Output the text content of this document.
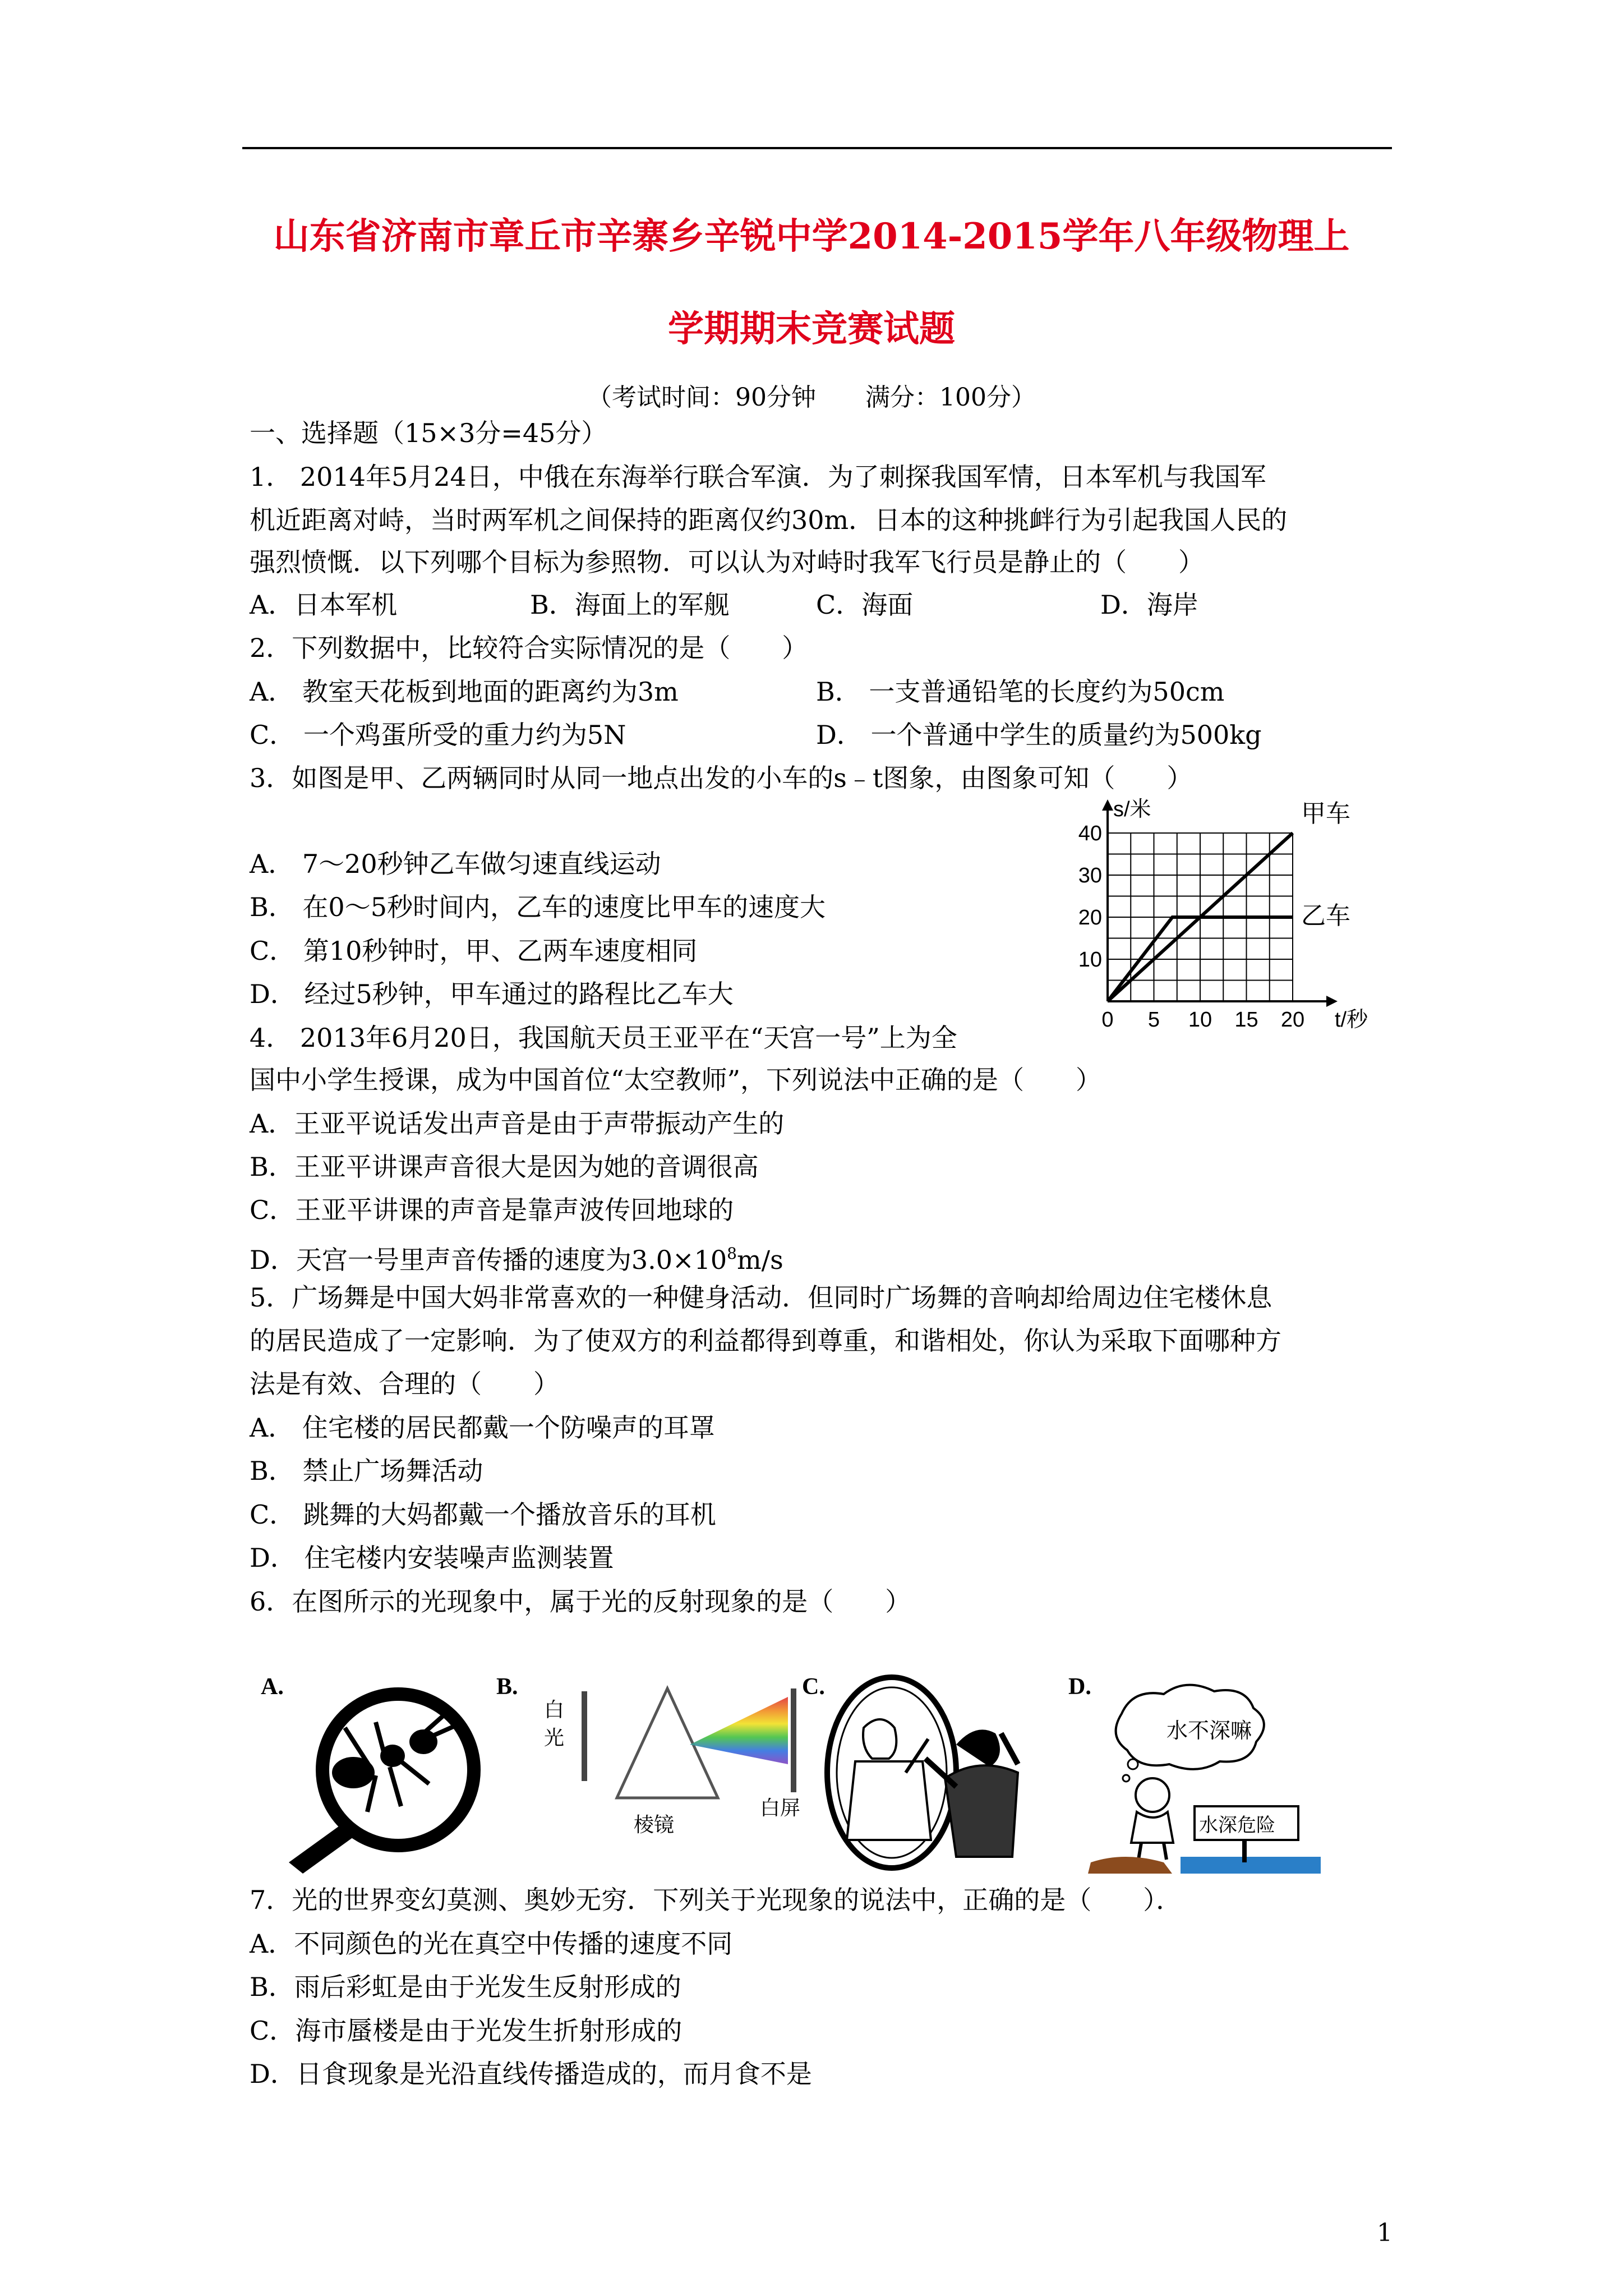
山东省济南市章丘市辛寨乡辛锐中学2014-2015学年八年级物理上
学期期末竞赛试题
（考试时间：90分钟　　满分：100分）
一、选择题（15×3分=45分）
1． 2014年5月24日，中俄在东海举行联合军演．为了刺探我国军情，日本军机与我国军
机近距离对峙，当时两军机之间保持的距离仅约30m．日本的这种挑衅行为引起我国人民的
强烈愤慨．以下列哪个目标为参照物．可以认为对峙时我军飞行员是静止的（　　）
A．日本军机	B．海面上的军舰	C．海面	D．海岸
2．下列数据中，比较符合实际情况的是（　　）
A． 教室天花板到地面的距离约为3m	B． 一支普通铅笔的长度约为50cm
C． 一个鸡蛋所受的重力约为5N	D． 一个普通中学生的质量约为500kg
3．如图是甲、乙两辆同时从同一地点出发的小车的s﹣t图象，由图象可知（　　）
A． 7～20秒钟乙车做匀速直线运动
B． 在0～5秒时间内，乙车的速度比甲车的速度大
C． 第10秒钟时，甲、乙两车速度相同
D． 经过5秒钟，甲车通过的路程比乙车大
0 5 10 15 20
10
20
30
40
s/米
t/秒
甲车
乙车
4． 2013年6月20日，我国航天员王亚平在“天宫一号”上为全
国中小学生授课，成为中国首位“太空教师”，下列说法中正确的是（　　）
A．王亚平说话发出声音是由于声带振动产生的
B．王亚平讲课声音很大是因为她的音调很高
C．王亚平讲课的声音是靠声波传回地球的
D．天宫一号里声音传播的速度为$3.0\times 10^8m/s$
5．广场舞是中国大妈非常喜欢的一种健身活动．但同时广场舞的音响却给周边住宅楼休息
的居民造成了一定影响．为了使双方的利益都得到尊重，和谐相处，你认为采取下面哪种方
法是有效、合理的（　　）
A． 住宅楼的居民都戴一个防噪声的耳罩
B． 禁止广场舞活动
C． 跳舞的大妈都戴一个播放音乐的耳机
D． 住宅楼内安装噪声监测装置
6．在图所示的光现象中，属于光的反射现象的是（　　）
A.	B.
白
光
棱镜
白屏
C.	D.
水不深嘛
水深危险
7．光的世界变幻莫测、奥妙无穷．下列关于光现象的说法中，正确的是（　　）．
A．不同颜色的光在真空中传播的速度不同
B．雨后彩虹是由于光发生反射形成的
C．海市蜃楼是由于光发生折射形成的
D．日食现象是光沿直线传播造成的，而月食不是
1
